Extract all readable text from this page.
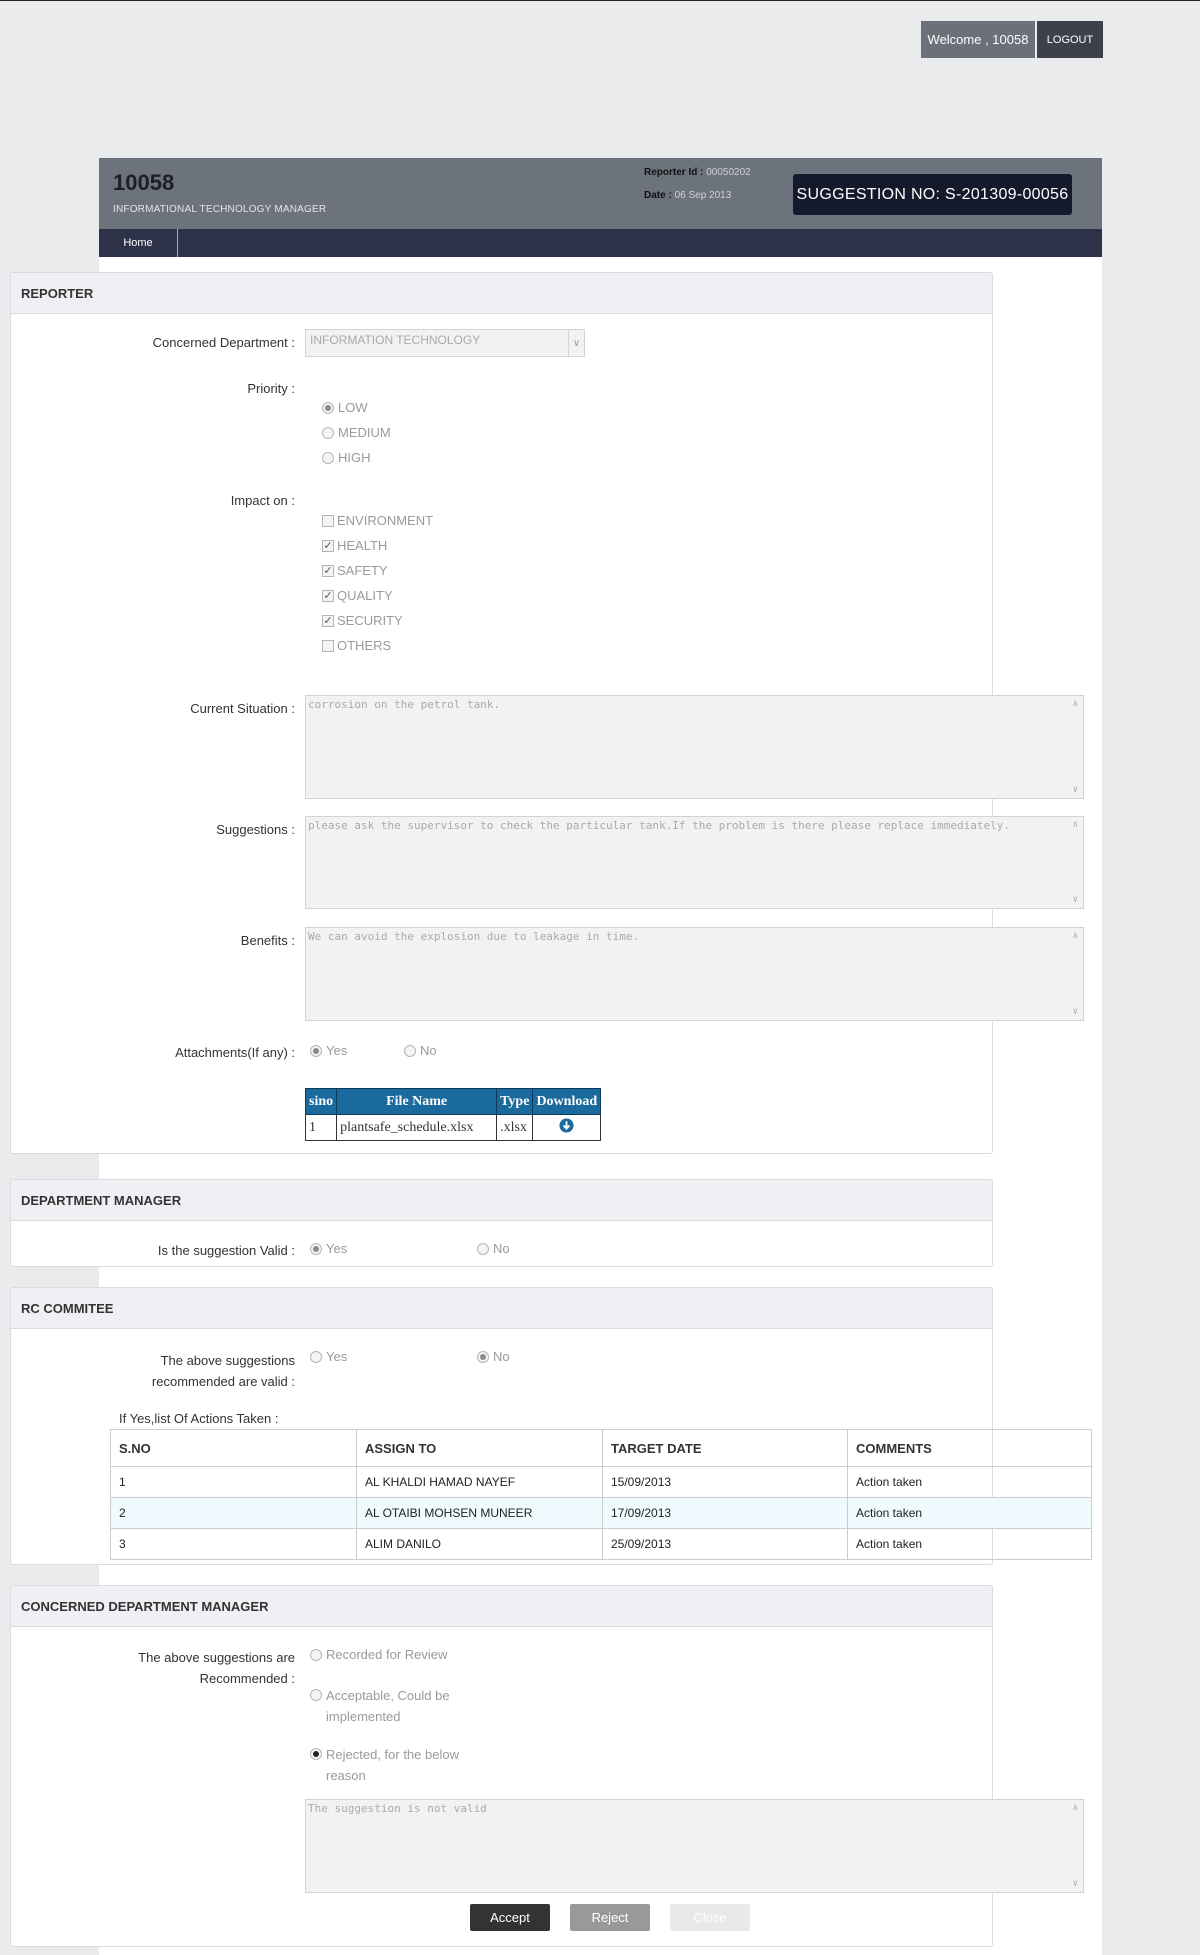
Welcome , 10058	LOGOUT
10058
INFORMATIONAL TECHNOLOGY MANAGER
Reporter Id : 00050202
Date : 06 Sep 2013	SUGGESTION NO: S-201309-00056
Home
REPORTER
Concerned Department :	INFORMATION TECHNOLOGY	∨
Priority :
LOW
MEDIUM
HIGH
Impact on :
ENVIRONMENT
✓ HEALTH
✓ SAFETY
✓ QUALITY
✓ SECURITY
OTHERS
Current Situation : corrosion on the petrol tank.	∧
∨
Suggestions : please ask the supervisor to check the particular tank.If the problem is there please replace immediately.	∧
∨
Benefits : We can avoid the explosion due to leakage in time.	∧
∨
Attachments(If any) : Yes	No
sino	File Name	Type	Download
1	plantsafe_schedule.xlsx	.xlsx	
DEPARTMENT MANAGER
Is the suggestion Valid : Yes	No
RC COMMITEE
The above suggestions
recommended are valid :
Yes	No
If Yes,list Of Actions Taken :
S.NO	ASSIGN TO	TARGET DATE	COMMENTS
1	AL KHALDI HAMAD NAYEF	15/09/2013	Action taken
2	AL OTAIBI MOHSEN MUNEER	17/09/2013	Action taken
3	ALIM DANILO	25/09/2013	Action taken
CONCERNED DEPARTMENT MANAGER
The above suggestions are
Recommended :
Recorded for Review
Acceptable, Could be
implemented
Rejected, for the below
reason
The suggestion is not valid	∧
∨
Accept	Reject	Close
